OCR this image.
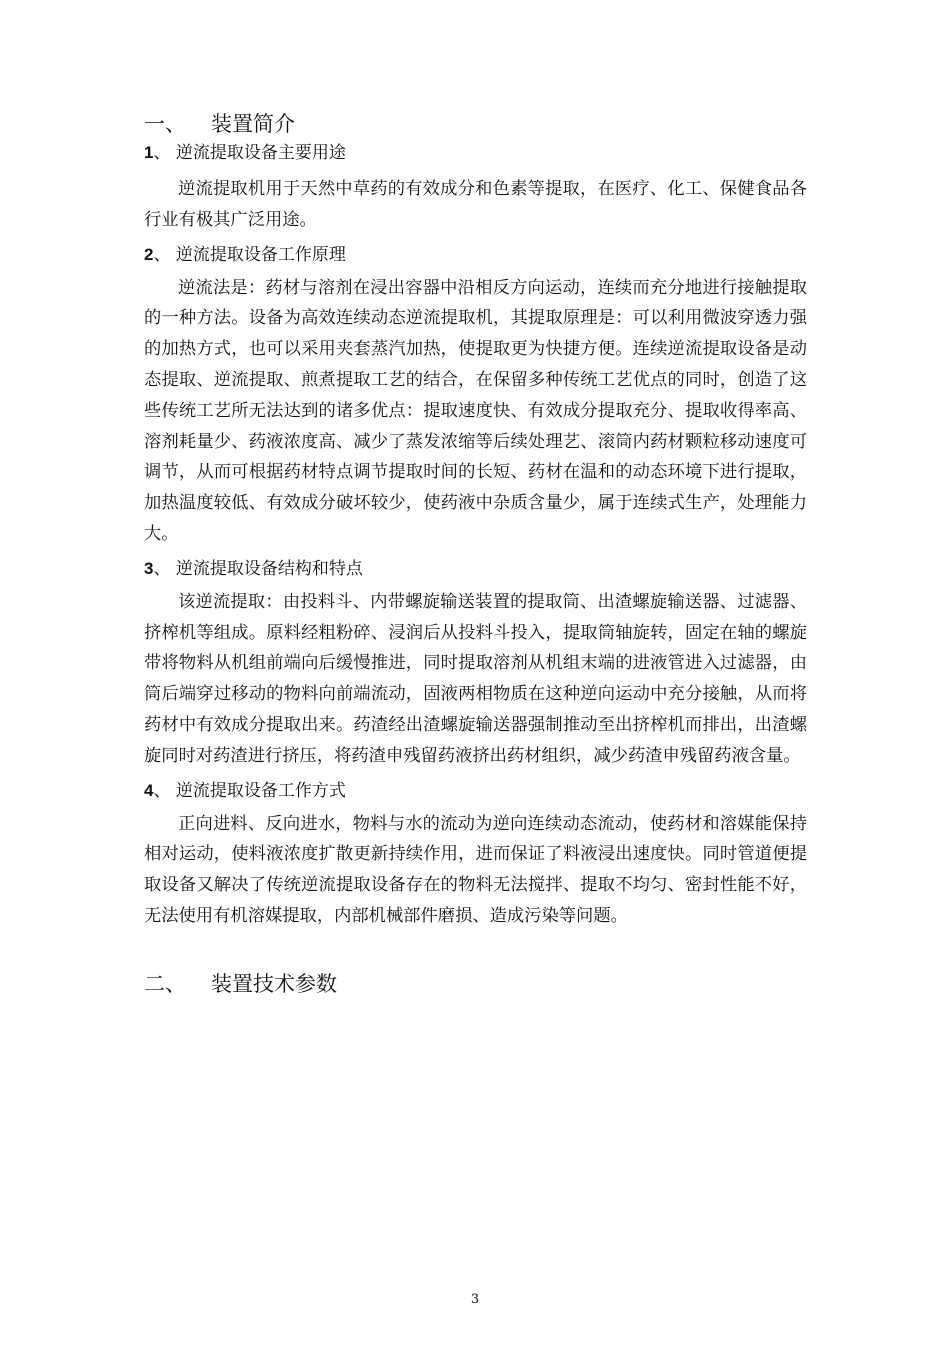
一、	装置简介
1、 逆流提取设备主要用途

逆流提取机用于天然中草药的有效成分和色素等提取，在医疗、化工、保健食品各行业有极其广泛用途。

2、 逆流提取设备工作原理

逆流法是：药材与溶剂在浸出容器中沿相反方向运动，连续而充分地进行接触提取的一种方法。设备为高效连续动态逆流提取机，其提取原理是：可以利用微波穿透力强的加热方式，也可以采用夹套蒸汽加热，使提取更为快捷方便。连续逆流提取设备是动态提取、逆流提取、煎煮提取工艺的结合，在保留多种传统工艺优点的同时，创造了这些传统工艺所无法达到的诸多优点：提取速度快、有效成分提取充分、提取收得率高、溶剂耗量少、药液浓度高、减少了蒸发浓缩等后续处理艺、滚筒内药材颗粒移动速度可调节，从而可根据药材特点调节提取时间的长短、药材在温和的动态环境下进行提取，加热温度较低、有效成分破坏较少，使药液中杂质含量少，属于连续式生产，处理能力大。

3、 逆流提取设备结构和特点

该逆流提取：由投料斗、内带螺旋输送装置的提取筒、出渣螺旋输送器、过滤器、挤榨机等组成。原料经粗粉碎、浸润后从投料斗投入，提取筒轴旋转，固定在轴的螺旋带将物料从机组前端向后缓慢推进，同时提取溶剂从机组末端的进液管进入过滤器，由筒后端穿过移动的物料向前端流动，固液两相物质在这种逆向运动中充分接触，从而将药材中有效成分提取出来。药渣经出渣螺旋输送器强制推动至出挤榨机而排出，出渣螺旋同时对药渣进行挤压，将药渣申残留药液挤出药材组织，减少药渣申残留药液含量。

4、 逆流提取设备工作方式

正向进料、反向进水，物料与水的流动为逆向连续动态流动，使药材和溶媒能保持相对运动，使料液浓度扩散更新持续作用，进而保证了料液浸出速度快。同时管道便提取设备又解决了传统逆流提取设备存在的物料无法搅拌、提取不均匀、密封性能不好，无法使用有机溶媒提取，内部机械部件磨损、造成污染等问题。

二、	装置技术参数
3
